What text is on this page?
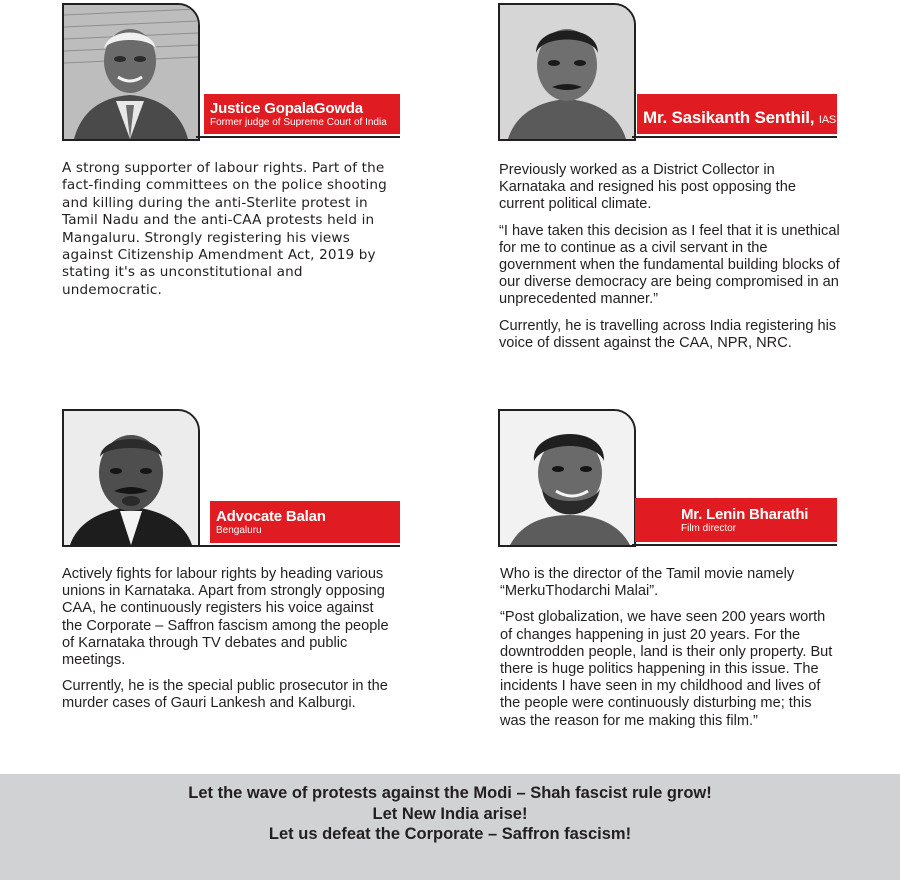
Justice GopalaGowda
Former judge of Supreme Court of India

A strong supporter of labour rights. Part of the fact-finding committees on the police shooting and killing during the anti-Sterlite protest in Tamil Nadu and the anti-CAA protests held in Mangaluru. Strongly registering his views against Citizenship Amendment Act, 2019 by stating it's as unconstitutional and undemocratic.

Mr. Sasikanth Senthil, IAS

Previously worked as a District Collector in Karnataka and resigned his post opposing the current political climate.

“I have taken this decision as I feel that it is unethical for me to continue as a civil servant in the government when the fundamental building blocks of our diverse democracy are being compromised in an unprecedented manner.”

Currently, he is travelling across India registering his voice of dissent against the CAA, NPR, NRC.

Advocate Balan
Bengaluru

Actively fights for labour rights by heading various unions in Karnataka. Apart from strongly opposing CAA, he continuously registers his voice against the Corporate – Saffron fascism among the people of Karnataka through TV debates and public meetings.

Currently, he is the special public prosecutor in the murder cases of Gauri Lankesh and Kalburgi.

Mr. Lenin Bharathi
Film director

Who is the director of the Tamil movie namely “MerkuThodarchi Malai”.

“Post globalization, we have seen 200 years worth of changes happening in just 20 years. For the downtrodden people, land is their only property. But there is huge politics happening in this issue. The incidents I have seen in my childhood and lives of the people were continuously disturbing me; this was the reason for me making this film.”

Let the wave of protests against the Modi – Shah fascist rule grow!
Let New India arise!
Let us defeat the Corporate – Saffron fascism!
